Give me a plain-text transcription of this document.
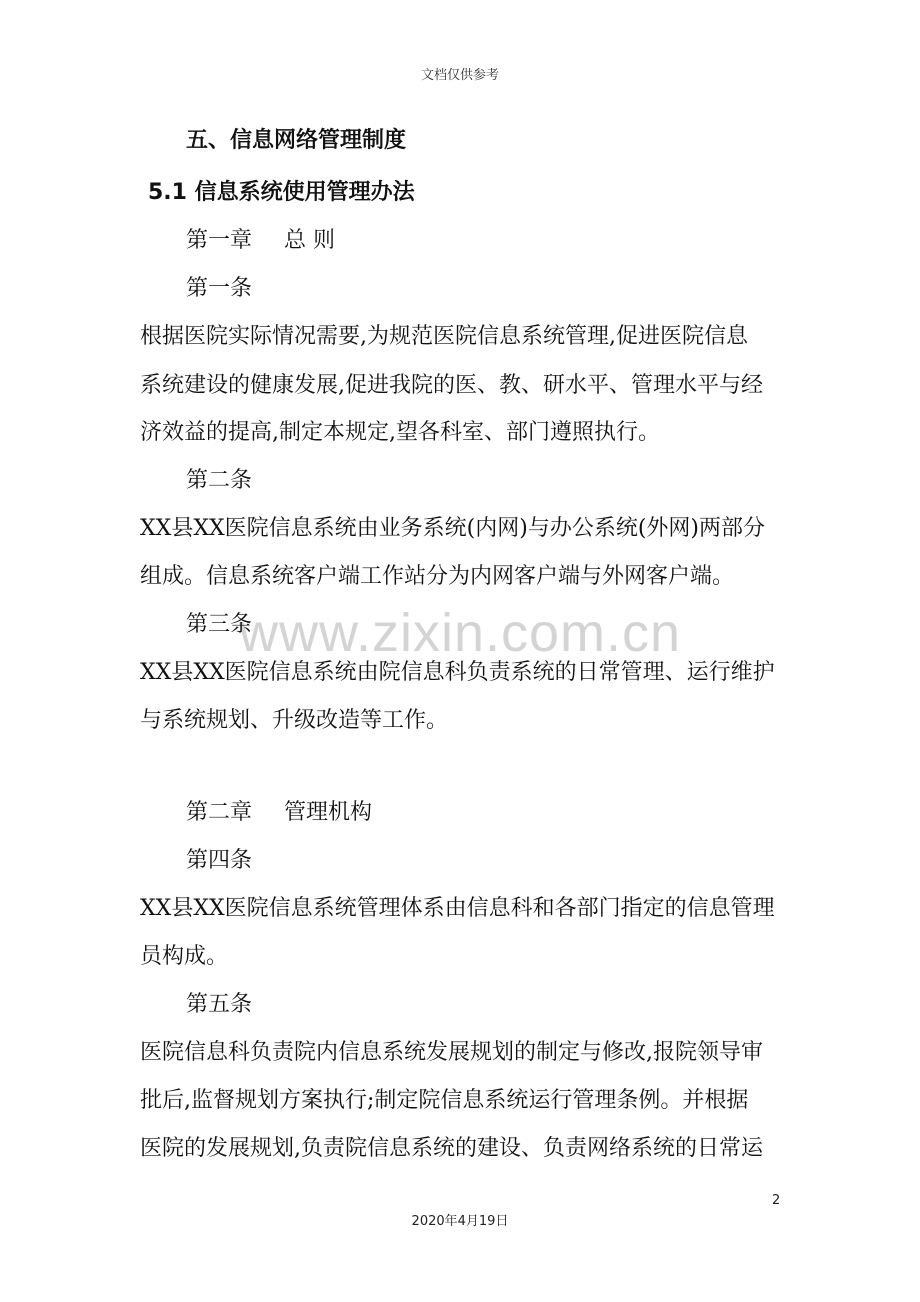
文档仅供参考
www.zixin.com.cn
五、信息网络管理制度
5.1 信息系统使用管理办法
第一章 总 则
第一条
根据医院实际情况需要,为规范医院信息系统管理,促进医院信息
系统建设的健康发展,促进我院的医、教、研水平、管理水平与经
济效益的提高,制定本规定,望各科室、部门遵照执行。
第二条
XX县XX医院信息系统由业务系统(内网)与办公系统(外网)两部分
组成。信息系统客户端工作站分为内网客户端与外网客户端。
第三条
XX县XX医院信息系统由院信息科负责系统的日常管理、运行维护
与系统规划、升级改造等工作。
第二章 管理机构
第四条
XX县XX医院信息系统管理体系由信息科和各部门指定的信息管理
员构成。
第五条
医院信息科负责院内信息系统发展规划的制定与修改,报院领导审
批后,监督规划方案执行;制定院信息系统运行管理条例。并根据
医院的发展规划,负责院信息系统的建设、负责网络系统的日常运
2
2020年4月19日
